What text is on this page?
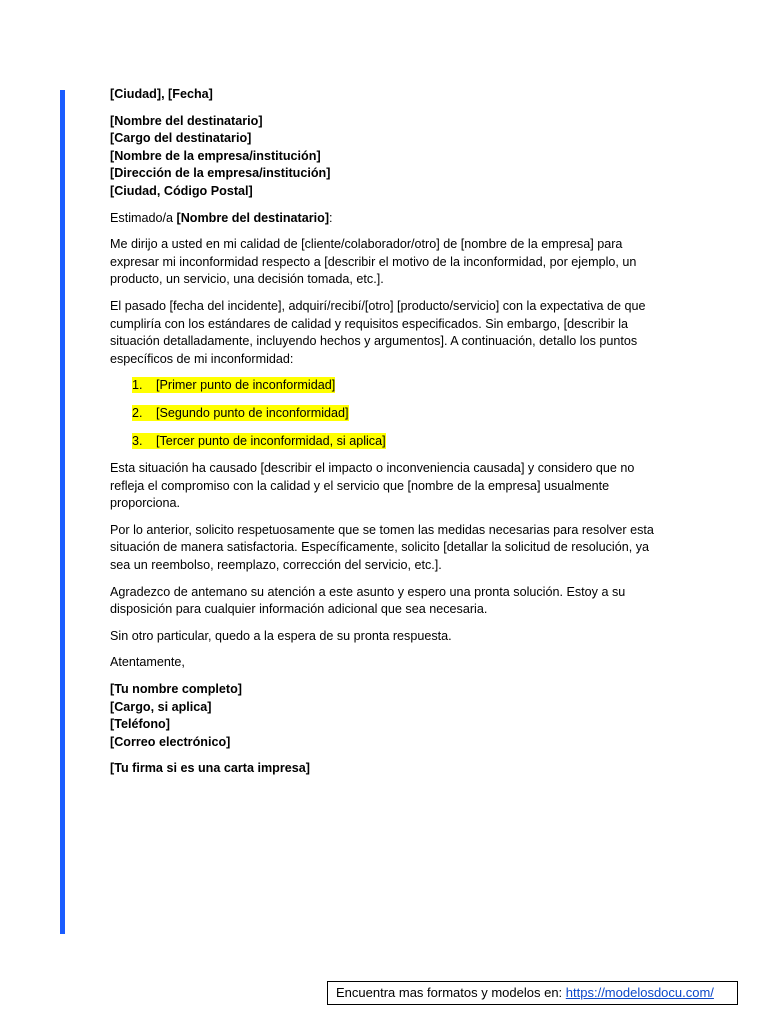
[Ciudad], [Fecha]

[Nombre del destinatario]
[Cargo del destinatario]
[Nombre de la empresa/institución]
[Dirección de la empresa/institución]
[Ciudad, Código Postal]

Estimado/a [Nombre del destinatario]:

Me dirijo a usted en mi calidad de [cliente/colaborador/otro] de [nombre de la empresa] para expresar mi inconformidad respecto a [describir el motivo de la inconformidad, por ejemplo, un producto, un servicio, una decisión tomada, etc.].

El pasado [fecha del incidente], adquirí/recibí/[otro] [producto/servicio] con la expectativa de que cumpliría con los estándares de calidad y requisitos especificados. Sin embargo, [describir la situación detalladamente, incluyendo hechos y argumentos]. A continuación, detallo los puntos específicos de mi inconformidad:

1. [Primer punto de inconformidad]
2. [Segundo punto de inconformidad]
3. [Tercer punto de inconformidad, si aplica]

Esta situación ha causado [describir el impacto o inconveniencia causada] y considero que no refleja el compromiso con la calidad y el servicio que [nombre de la empresa] usualmente proporciona.

Por lo anterior, solicito respetuosamente que se tomen las medidas necesarias para resolver esta situación de manera satisfactoria. Específicamente, solicito [detallar la solicitud de resolución, ya sea un reembolso, reemplazo, corrección del servicio, etc.].

Agradezco de antemano su atención a este asunto y espero una pronta solución. Estoy a su disposición para cualquier información adicional que sea necesaria.

Sin otro particular, quedo a la espera de su pronta respuesta.

Atentamente,

[Tu nombre completo]
[Cargo, si aplica]
[Teléfono]
[Correo electrónico]

[Tu firma si es una carta impresa]

Encuentra mas formatos y modelos en: https://modelosdocu.com/
